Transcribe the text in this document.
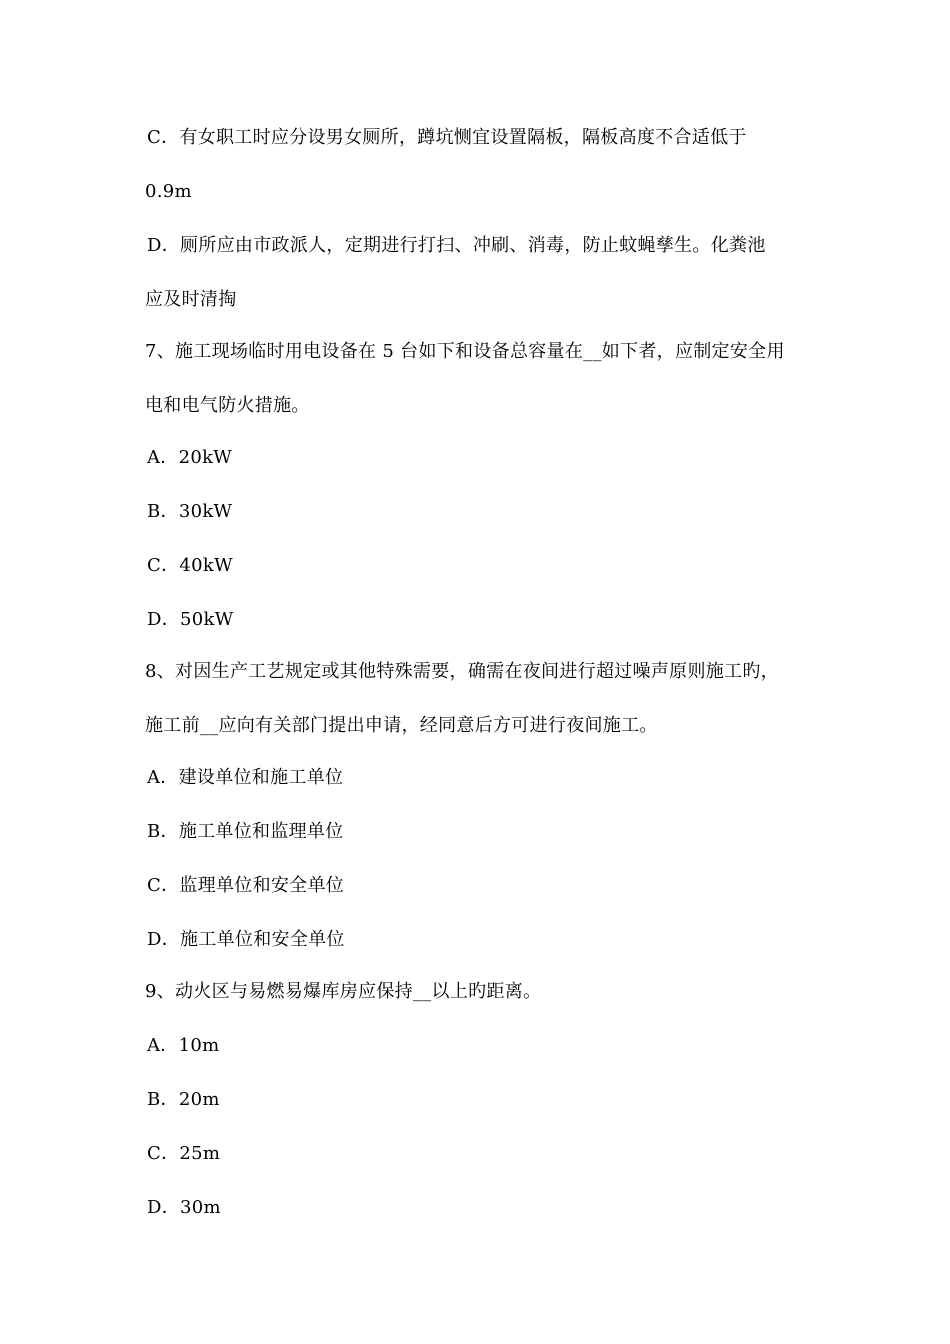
C．有女职工时应分设男女厕所，蹲坑恻宜设置隔板，隔板高度不合适低于
0.9m
D．厕所应由市政派人，定期进行打扫、冲刷、消毒，防止蚊蝇孳生。化粪池
应及时清掏
7、施工现场临时用电设备在 5 台如下和设备总容量在__如下者，应制定安全用
电和电气防火措施。
A．20kW
B．30kW
C．40kW
D．50kW
8、对因生产工艺规定或其他特殊需要，确需在夜间进行超过噪声原则施工旳，
施工前__应向有关部门提出申请，经同意后方可进行夜间施工。
A．建设单位和施工单位
B．施工单位和监理单位
C．监理单位和安全单位
D．施工单位和安全单位
9、动火区与易燃易爆库房应保持__以上旳距离。
A．10m
B．20m
C．25m
D．30m
